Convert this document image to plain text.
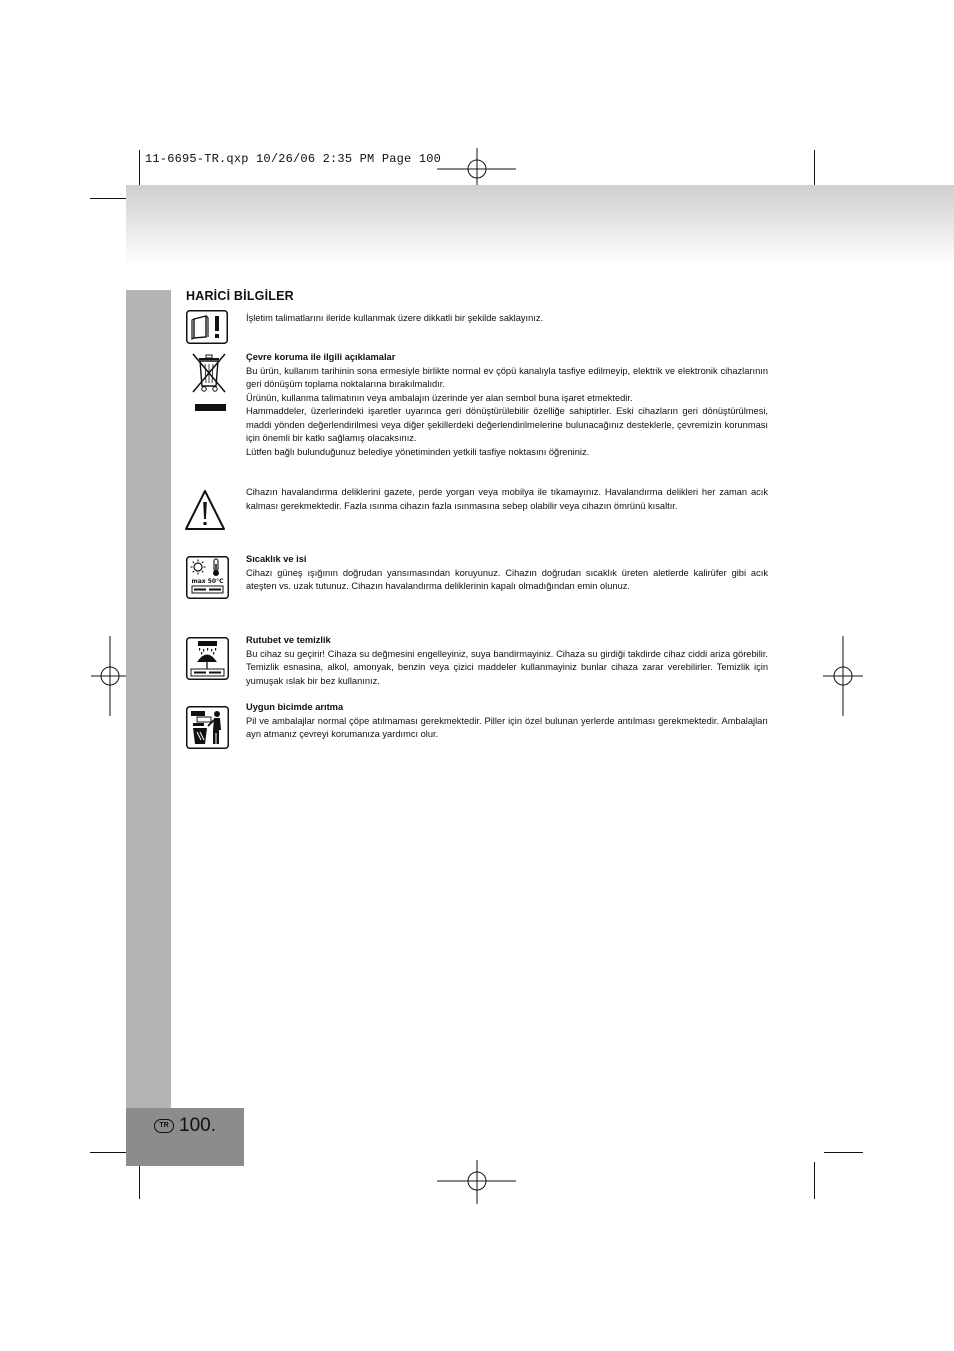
11-6695-TR.qxp 10/26/06 2:35 PM Page 100
TR 100.
HARİCİ BİLGİLER
max 50°C

İşletim talimatlarını ileride kullanmak üzere dikkatli bir şekilde saklayınız.

Çevre koruma ile ilgili açıklamalar

Bu ürün, kullanım tarihinin sona ermesiyle birlikte normal ev çöpü kanalıyla tasfiye edilmeyip, elektrik ve elektronik cihazlarının geri dönüşüm toplama noktalarına bırakılmalıdır.

Ürünün, kullanma talimatının veya ambalajın üzerinde yer alan sembol buna işaret etmektedir.

Hammaddeler, üzerlerindeki işaretler uyarınca geri dönüştürülebilir özelliğe sahiptirler. Eski cihazların geri dönüştürülmesi, maddi yönden değerlendirilmesi veya diğer şekillerdeki değerlendirilmelerine bulunacağınız desteklerle, çevremizin korunması için önemli bir katkı sağlamış olacaksınız.

Lütfen bağlı bulunduğunuz belediye yönetiminden yetkili tasfiye noktasını öğreniniz.

Cihazın havalandırma deliklerini gazete, perde yorgan veya mobilya ile tıkamayınız. Havalandırma delikleri her zaman acık kalması gerekmektedir. Fazla ısınma cihazın fazla ısınmasına sebep olabilir veya cihazın ömrünü kısaltır.

Sıcaklık ve isi

Cihazı güneş ışığının doğrudan yansımasından koruyunuz. Cihazın doğrudan sıcaklık üreten aletlerde kalirüfer gibi acık ateşten vs. uzak tutunuz. Cihazın havalandırma deliklerinin kapalı olmadığından emin olunuz.

Rutubet ve temizlik

Bu cihaz su geçirir! Cihaza su değmesini engelleyiniz, suya bandirmayiniz. Cihaza su girdiği takdirde cihaz ciddi ariza görebilir. Temizlik esnasina, alkol, amonyak, benzin veya çizici maddeler kullanmayiniz bunlar cihaza zarar verebilirler. Temizlik için yumuşak ıslak bir bez kullanınız.

Uygun bicimde arıtma

Pil ve ambalajlar normal çöpe atılmaması gerekmektedir. Piller için özel bulunan yerlerde antılması gerekmektedir. Ambalajları ayn atmanız çevreyi korumanıza yardımcı olur.
